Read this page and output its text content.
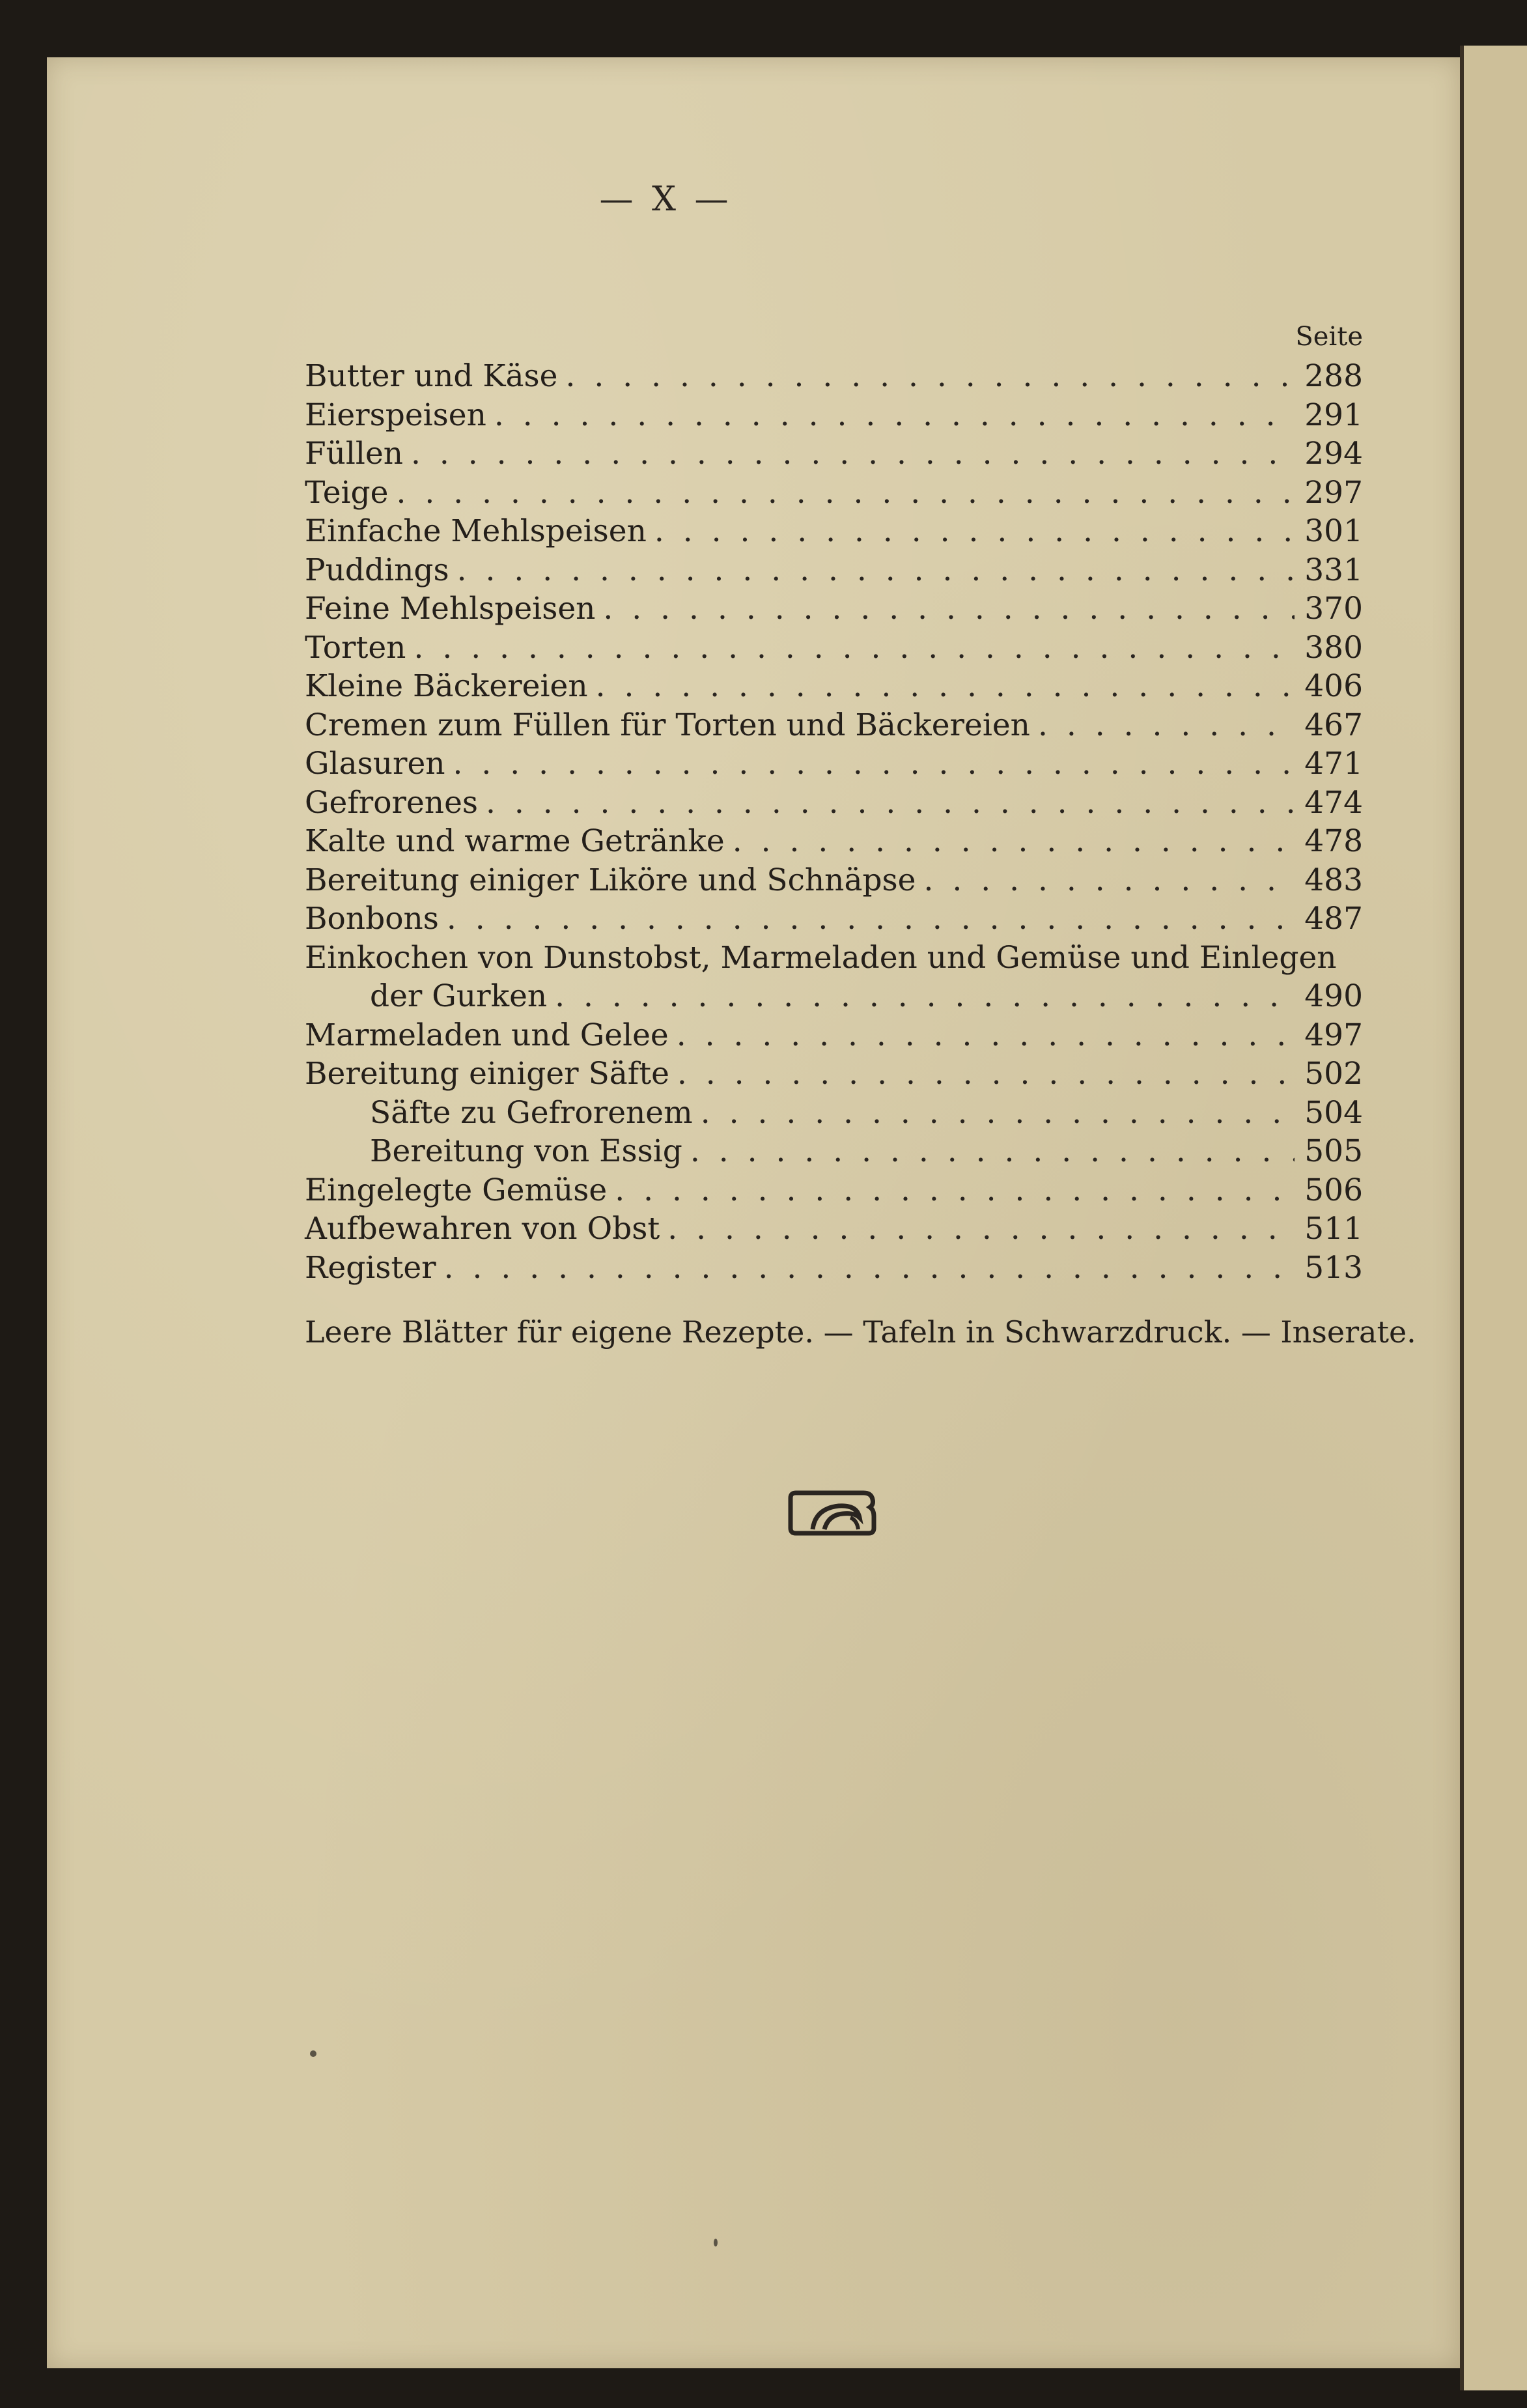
— X —
Seite
Butter und Käse . . .	288
Eierspeisen . . .	291
Füllen . . .	294
Teige . . .	297
Einfache Mehlspeisen . . .	301
Puddings . . .	331
Feine Mehlspeisen . . .	370
Torten . . .	380
Kleine Bäckereien . . .	406
Cremen zum Füllen für Torten und Bäckereien . . .	467
Glasuren . . .	471
Gefrorenes . . .	474
Kalte und warme Getränke . . .	478
Bereitung einiger Liköre und Schnäpse . . .	483
Bonbons . . .	487
Einkochen von Dunstobst, Marmeladen und Gemüse und Einlegen
der Gurken . . .	490
Marmeladen und Gelee . . .	497
Bereitung einiger Säfte . . .	502
Säfte zu Gefrorenem . . .	504
Bereitung von Essig . . .	505
Eingelegte Gemüse . . .	506
Aufbewahren von Obst . . .	511
Register . . .	513
Leere Blätter für eigene Rezepte. — Tafeln in Schwarzdruck. — Inserate.
